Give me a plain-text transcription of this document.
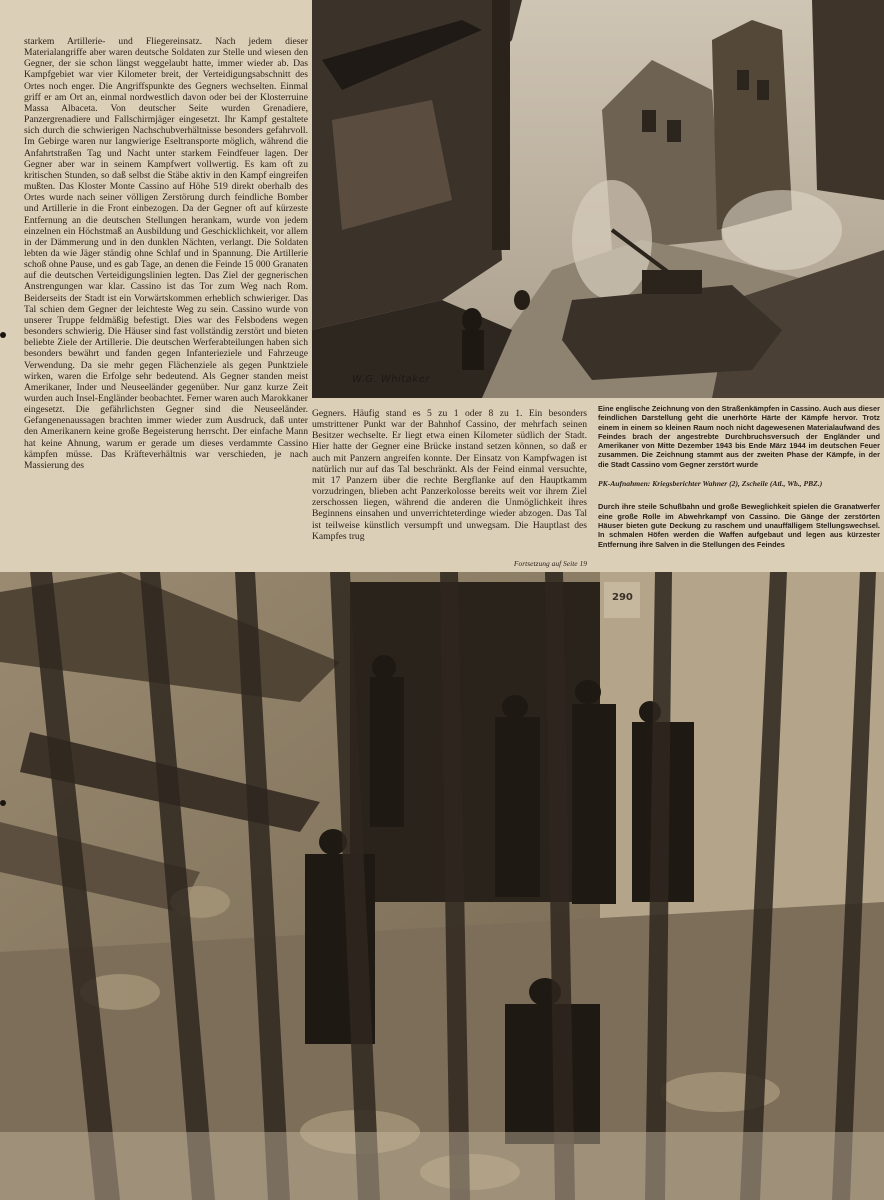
starkem Artillerie- und Fliegereinsatz. Nach jedem dieser Materialangriffe aber waren deutsche Soldaten zur Stelle und wiesen den Gegner, der sie schon längst weggelaubt hatte, immer wieder ab. Das Kampfgebiet war vier Kilometer breit, der Verteidigungsabschnitt des Ortes noch enger. Die Angriffspunkte des Gegners wechselten. Einmal griff er am Ort an, einmal nordwestlich davon oder bei der Klosterruine Massa Albaceta. Von deutscher Seite wurden Grenadiere, Panzergrenadiere und Fallschirmjäger eingesetzt. Ihr Kampf gestaltete sich durch die schwierigen Nachschubverhältnisse besonders gefahrvoll. Im Gebirge waren nur langwierige Eseltransporte möglich, während die Anfahrtstraßen Tag und Nacht unter starkem Feindfeuer lagen. Der Gegner aber war in seinem Kampfwert vollwertig. Es kam oft zu kritischen Stunden, so daß selbst die Stäbe aktiv in den Kampf eingreifen mußten. Das Kloster Monte Cassino auf Höhe 519 direkt oberhalb des Ortes wurde nach seiner völligen Zerstörung durch feindliche Bomber und Artillerie in die Front einbezogen. Da der Gegner oft auf kürzeste Entfernung an die deutschen Stellungen herankam, wurde von jedem einzelnen ein Höchstmaß an Ausbildung und Geschicklichkeit, vor allem in der Dämmerung und in den dunklen Nächten, verlangt. Die Soldaten lebten da wie Jäger ständig ohne Schlaf und in Spannung. Die Artillerie schoß ohne Pause, und es gab Tage, an denen die Feinde 15 000 Granaten auf die deutschen Verteidigungslinien legten. Das Ziel der gegnerischen Anstrengungen war klar. Cassino ist das Tor zum Weg nach Rom. Beiderseits der Stadt ist ein Vorwärtskommen erheblich schwieriger. Das Tal schien dem Gegner der leichteste Weg zu sein. Cassino wurde von unserer Truppe feldmäßig befestigt. Dies war des Felsbodens wegen besonders schwierig. Die Häuser sind fast vollständig zerstört und bieten beliebte Ziele der Artillerie. Die deutschen Werferabteilungen haben sich besonders bewährt und fanden gegen Infanterieziele und Fahrzeuge Verwendung. Da sie mehr gegen Flächenziele als gegen Punktziele wirken, waren die Erfolge sehr bedeutend. Als Gegner standen meist Amerikaner, Inder und Neuseeländer gegenüber. Nur ganz kurze Zeit wurden auch Insel-Engländer beobachtet. Ferner waren auch Marokkaner eingesetzt. Die gefährlichsten Gegner sind die Neuseeländer. Gefangenenaussagen brachten immer wieder zum Ausdruck, daß unter den Amerikanern keine große Begeisterung herrscht. Der einfache Mann hat keine Ahnung, warum er gerade um dieses verdammte Cassino kämpfen müsse. Das Kräfteverhältnis war verschieden, je nach Massierung des

W.G. Whitaker

Gegners. Häufig stand es 5 zu 1 oder 8 zu 1. Ein besonders umstrittener Punkt war der Bahnhof Cassino, der mehrfach seinen Besitzer wechselte. Er liegt etwa einen Kilometer südlich der Stadt. Hier hatte der Gegner eine Brücke instand setzen können, so daß er auch mit Panzern angreifen konnte. Der Einsatz von Kampfwagen ist natürlich nur auf das Tal beschränkt. Als der Feind einmal versuchte, mit 17 Panzern über die rechte Bergflanke auf den Hauptkamm vorzudringen, blieben acht Panzerkolosse bereits weit vor ihrem Ziel zerschossen liegen, während die anderen die Unmöglichkeit ihres Beginnens einsahen und unverrichteterdinge wieder abzogen. Das Tal ist teilweise künstlich versumpft und unwegsam. Die Hauptlast des Kampfes trug

Fortsetzung auf Seite 19

Eine englische Zeichnung von den Straßenkämpfen in Cassino. Auch aus dieser feindlichen Darstellung geht die unerhörte Härte der Kämpfe hervor. Trotz einem in einem so kleinen Raum noch nicht dagewesenen Materialaufwand des Feindes brach der angestrebte Durchbruchsversuch der Engländer und Amerikaner von Mitte Dezember 1943 bis Ende März 1944 im deutschen Feuer zusammen. Die Zeichnung stammt aus der zweiten Phase der Kämpfe, in der die Stadt Cassino vom Gegner zerstört wurde

PK-Aufnahmen: Kriegsberichter Wahner (2), Zscheile (Atl., Wb., PBZ.)

Durch ihre steile Schußbahn und große Beweglichkeit spielen die Granatwerfer eine große Rolle im Abwehrkampf von Cassino. Die Gänge der zerstörten Häuser bieten gute Deckung zu raschem und unauffälligem Stellungswechsel. In schmalen Höfen werden die Waffen aufgebaut und legen aus kürzester Entfernung ihre Salven in die Stellungen des Feindes

290
